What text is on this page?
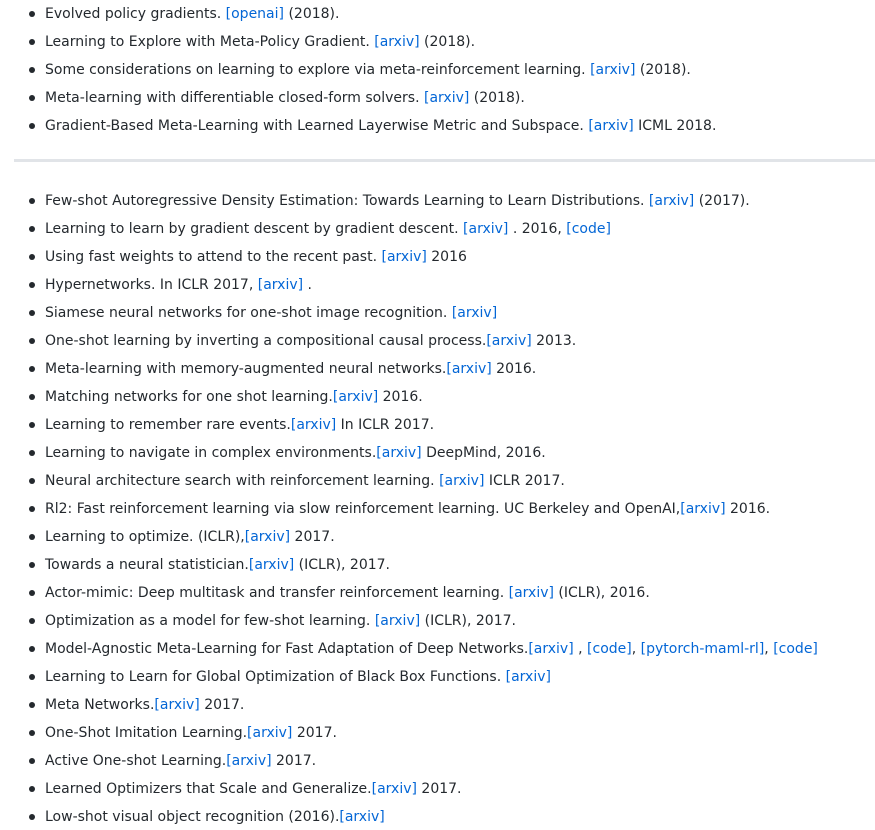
Evolved policy gradients. [openai] (2018).
Learning to Explore with Meta-Policy Gradient. [arxiv] (2018).
Some considerations on learning to explore via meta-reinforcement learning. [arxiv] (2018).
Meta-learning with differentiable closed-form solvers. [arxiv] (2018).
Gradient-Based Meta-Learning with Learned Layerwise Metric and Subspace. [arxiv] ICML 2018.
Few-shot Autoregressive Density Estimation: Towards Learning to Learn Distributions. [arxiv] (2017).
Learning to learn by gradient descent by gradient descent. [arxiv] . 2016, [code]
Using fast weights to attend to the recent past. [arxiv] 2016
Hypernetworks. In ICLR 2017, [arxiv] .
Siamese neural networks for one-shot image recognition. [arxiv]
One-shot learning by inverting a compositional causal process.[arxiv] 2013.
Meta-learning with memory-augmented neural networks.[arxiv] 2016.
Matching networks for one shot learning.[arxiv] 2016.
Learning to remember rare events.[arxiv] In ICLR 2017.
Learning to navigate in complex environments.[arxiv] DeepMind, 2016.
Neural architecture search with reinforcement learning. [arxiv] ICLR 2017.
Rl2: Fast reinforcement learning via slow reinforcement learning. UC Berkeley and OpenAI,[arxiv] 2016.
Learning to optimize. (ICLR),[arxiv] 2017.
Towards a neural statistician.[arxiv] (ICLR), 2017.
Actor-mimic: Deep multitask and transfer reinforcement learning. [arxiv] (ICLR), 2016.
Optimization as a model for few-shot learning. [arxiv] (ICLR), 2017.
Model-Agnostic Meta-Learning for Fast Adaptation of Deep Networks.[arxiv] , [code], [pytorch-maml-rl], [code]
Learning to Learn for Global Optimization of Black Box Functions. [arxiv]
Meta Networks.[arxiv] 2017.
One-Shot Imitation Learning.[arxiv] 2017.
Active One-shot Learning.[arxiv] 2017.
Learned Optimizers that Scale and Generalize.[arxiv] 2017.
Low-shot visual object recognition (2016).[arxiv]
